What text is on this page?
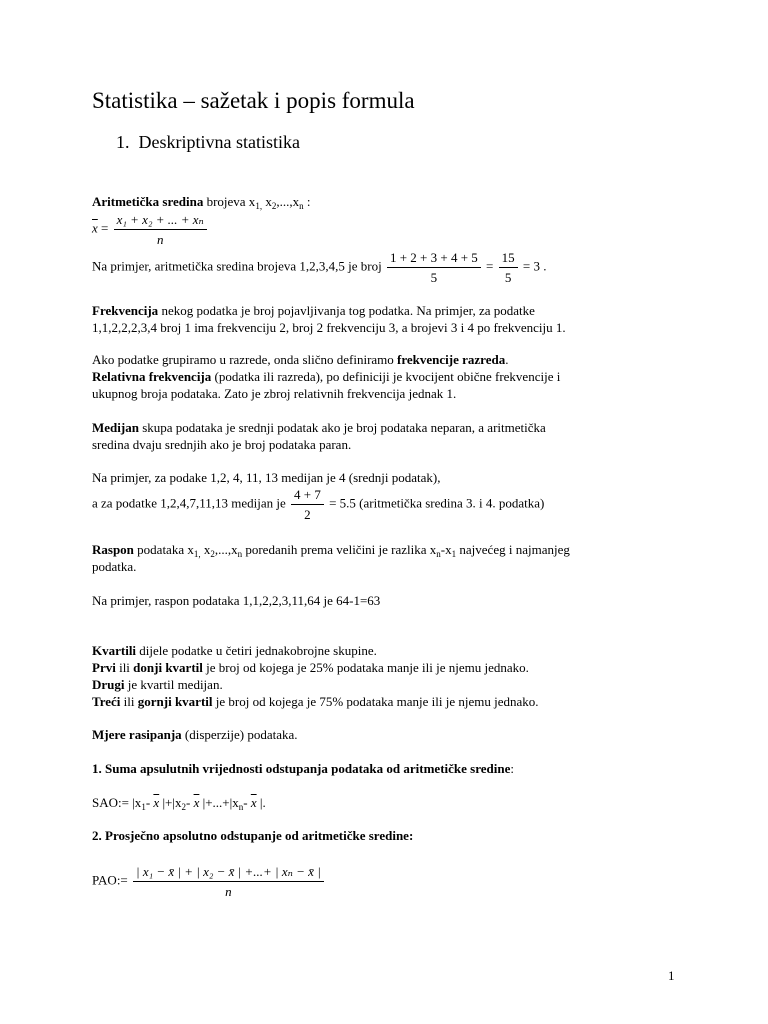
Statistika – sažetak i popis formula
1. Deskriptivna statistika
Aritmetička sredina brojeva $x_{1,}$ $x_2,...,x_n$ :
$\overline{x} = \frac{\text{x₁ + x₂ + ... + xₙ}}{n}$
Na primjer, aritmetička sredina brojeva 1,2,3,4,5 je broj $\frac{1 + 2 + 3 + 4 + 5}{5} = \frac{15}{5} = 3$ .
Frekvencija nekog podatka je broj pojavljivanja tog podatka. Na primjer, za podatke
1,1,2,2,2,3,4 broj 1 ima frekvenciju 2, broj 2 frekvenciju 3, a brojevi 3 i 4 po frekvenciju 1.
Ako podatke grupiramo u razrede, onda slično definiramo frekvencije razreda.
Relativna frekvencija (podatka ili razreda), po definiciji je kvocijent obične frekvencije i
ukupnog broja podataka. Zato je zbroj relativnih frekvencija jednak 1.
Medijan skupa podataka je srednji podatak ako je broj podataka neparan, a aritmetička
sredina dvaju srednjih ako je broj podataka paran.
Na primjer, za podake 1,2, 4, 11, 13 medijan je 4 (srednji podatak),
a za podatke 1,2,4,7,11,13 medijan je $\frac{4 + 7}{2} = 5.5$ (aritmetička sredina 3. i 4. podatka)
Raspon podataka $x_{1,}$ $x_2,...,x_n$ poredanih prema veličini je razlika $x_n-x_1$ najvećeg i najmanjeg
podatka.
Na primjer, raspon podataka 1,1,2,2,3,11,64 je 64-1=63
Kvartili dijele podatke u četiri jednakobrojne skupine.
Prvi ili donji kvartil je broj od kojega je 25% podataka manje ili je njemu jednako.
Drugi je kvartil medijan.
Treći ili gornji kvartil je broj od kojega je 75% podataka manje ili je njemu jednako.
Mjere rasipanja (disperzije) podataka.
1. Suma apsulutnih vrijednosti odstupanja podataka od aritmetičke sredine:
SAO:= $|x_1-$ $\overline{x}$ $|+|x_2-$ $\overline{x}$ $|+...+|x_n-$ $\overline{x}$ |.
2. Prosječno apsolutno odstupanje od aritmetičke sredine:
PAO:= $\frac{\text{| x₁ − x̄ | + | x₂ − x̄ | +...+ | xₙ − x̄ |}}{n}$
1
